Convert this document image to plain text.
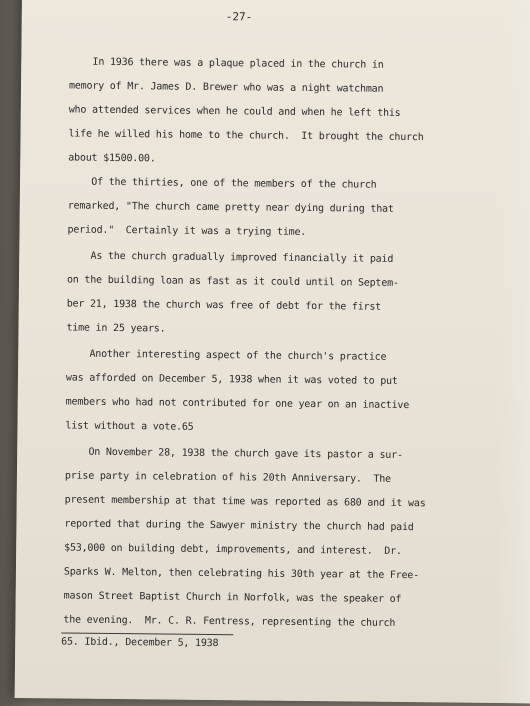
-27-
In 1936 there was a plaque placed in the church in
memory of Mr. James D. Brewer who was a night watchman
who attended services when he could and when he left this
life he willed his home to the church.  It brought the church
about $1500.00.
Of the thirties, one of the members of the church
remarked, "The church came pretty near dying during that
period."  Certainly it was a trying time.
As the church gradually improved financially it paid
on the building loan as fast as it could until on Septem-
ber 21, 1938 the church was free of debt for the first
time in 25 years.
Another interesting aspect of the church's practice
was afforded on December 5, 1938 when it was voted to put
members who had not contributed for one year on an inactive
list without a vote.65
On November 28, 1938 the church gave its pastor a sur-
prise party in celebration of his 20th Anniversary.  The
present membership at that time was reported as 680 and it was
reported that during the Sawyer ministry the church had paid
$53,000 on building debt, improvements, and interest.  Dr.
Sparks W. Melton, then celebrating his 30th year at the Free-
mason Street Baptist Church in Norfolk, was the speaker of
the evening.  Mr. C. R. Fentress, representing the church
65. Ibid., December 5, 1938
